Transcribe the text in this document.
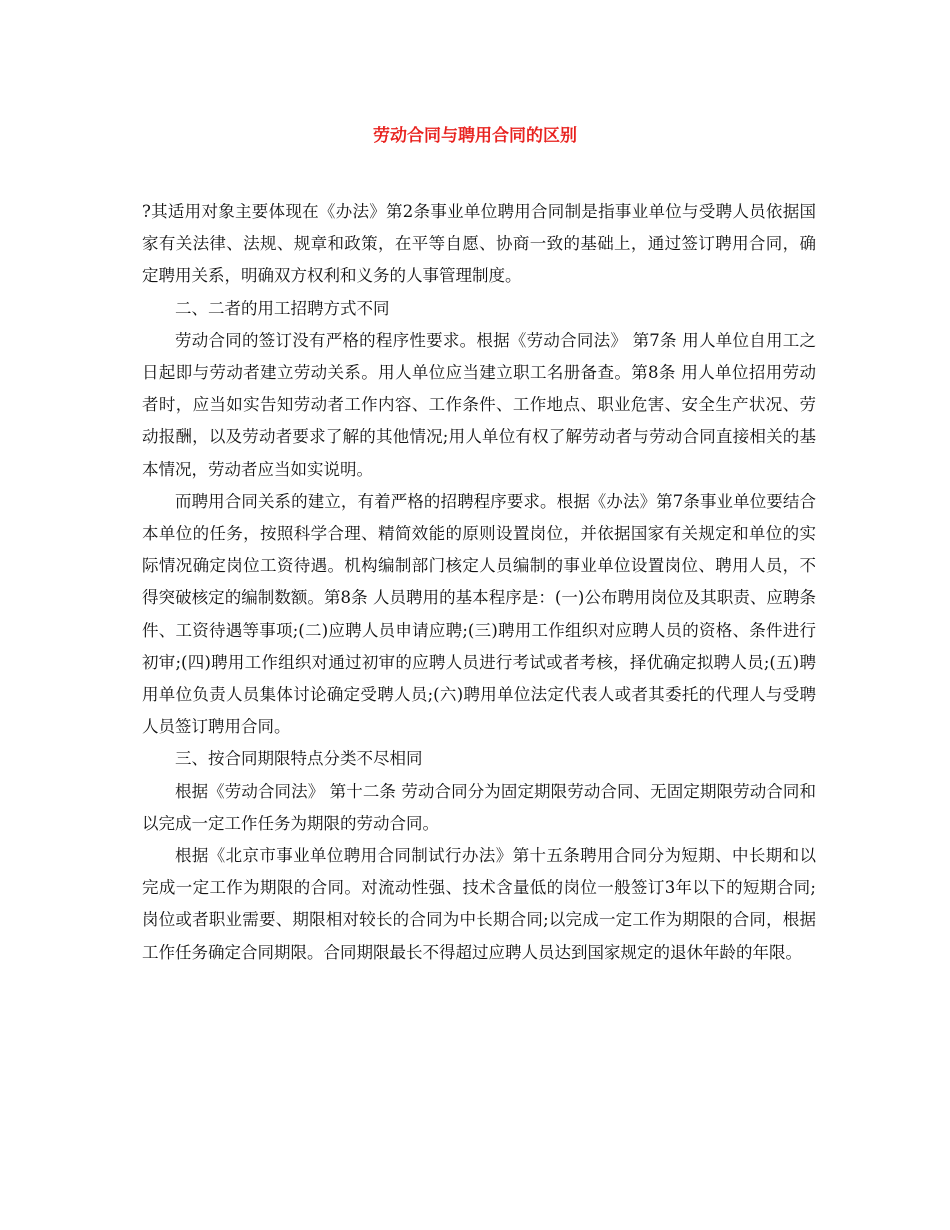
劳动合同与聘用合同的区别

?其适用对象主要体现在《办法》第2条事业单位聘用合同制是指事业单位与受聘人员依据国家有关法律、法规、规章和政策，在平等自愿、协商一致的基础上，通过签订聘用合同，确定聘用关系，明确双方权利和义务的人事管理制度。

二、二者的用工招聘方式不同

劳动合同的签订没有严格的程序性要求。根据《劳动合同法》 第7条 用人单位自用工之日起即与劳动者建立劳动关系。用人单位应当建立职工名册备查。第8条 用人单位招用劳动者时，应当如实告知劳动者工作内容、工作条件、工作地点、职业危害、安全生产状况、劳动报酬，以及劳动者要求了解的其他情况;用人单位有权了解劳动者与劳动合同直接相关的基本情况，劳动者应当如实说明。

而聘用合同关系的建立，有着严格的招聘程序要求。根据《办法》第7条事业单位要结合本单位的任务，按照科学合理、精简效能的原则设置岗位，并依据国家有关规定和单位的实际情况确定岗位工资待遇。机构编制部门核定人员编制的事业单位设置岗位、聘用人员，不得突破核定的编制数额。第8条 人员聘用的基本程序是：(一)公布聘用岗位及其职责、应聘条件、工资待遇等事项;(二)应聘人员申请应聘;(三)聘用工作组织对应聘人员的资格、条件进行初审;(四)聘用工作组织对通过初审的应聘人员进行考试或者考核，择优确定拟聘人员;(五)聘用单位负责人员集体讨论确定受聘人员;(六)聘用单位法定代表人或者其委托的代理人与受聘人员签订聘用合同。

三、按合同期限特点分类不尽相同

根据《劳动合同法》 第十二条 劳动合同分为固定期限劳动合同、无固定期限劳动合同和以完成一定工作任务为期限的劳动合同。

根据《北京市事业单位聘用合同制试行办法》第十五条聘用合同分为短期、中长期和以完成一定工作为期限的合同。对流动性强、技术含量低的岗位一般签订3年以下的短期合同;岗位或者职业需要、期限相对较长的合同为中长期合同;以完成一定工作为期限的合同，根据工作任务确定合同期限。合同期限最长不得超过应聘人员达到国家规定的退休年龄的年限。
